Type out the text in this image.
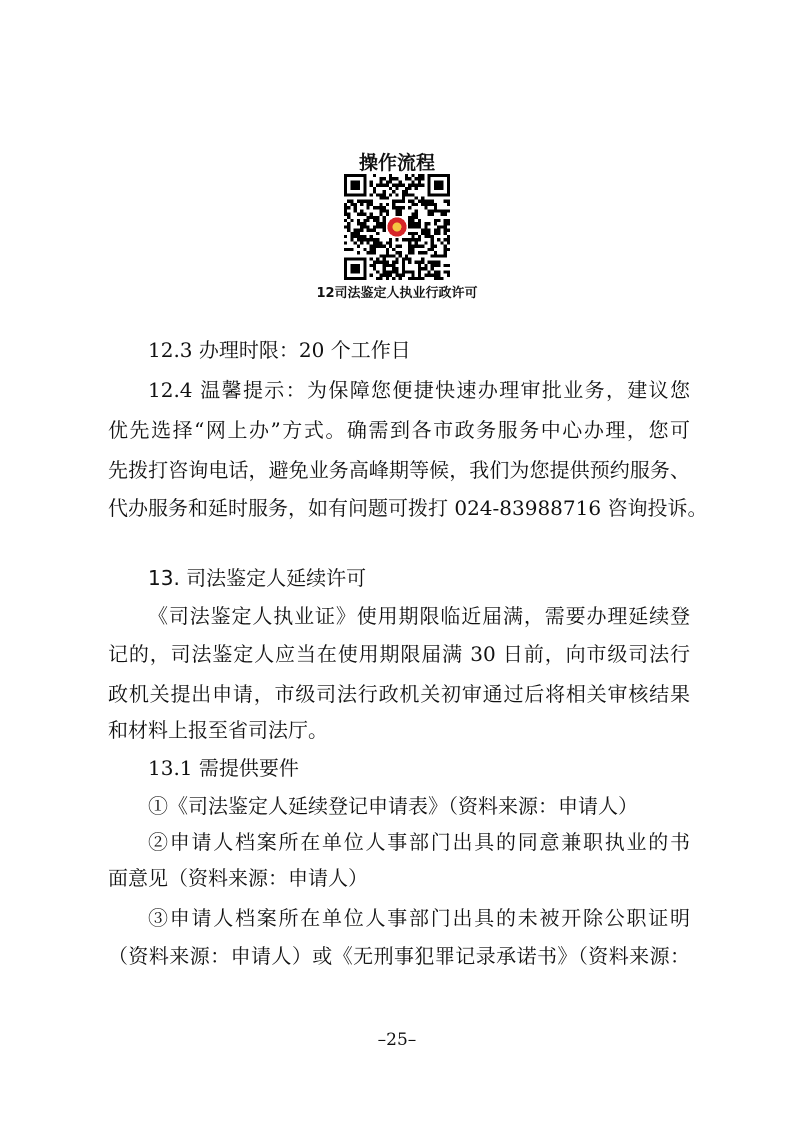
操作流程
12司法鉴定人执业行政许可
12.3 办理时限：20 个工作日
12.4 温馨提示：为保障您便捷快速办理审批业务，建议您
优先选择“网上办”方式。确需到各市政务服务中心办理，您可
先拨打咨询电话，避免业务高峰期等候，我们为您提供预约服务、
代办服务和延时服务，如有问题可拨打 024-83988716 咨询投诉。
13. 司法鉴定人延续许可
《司法鉴定人执业证》使用期限临近届满，需要办理延续登
记的，司法鉴定人应当在使用期限届满 30 日前，向市级司法行
政机关提出申请，市级司法行政机关初审通过后将相关审核结果
和材料上报至省司法厅。
13.1 需提供要件
①《司法鉴定人延续登记申请表》（资料来源：申请人）
②申请人档案所在单位人事部门出具的同意兼职执业的书
面意见（资料来源：申请人）
③申请人档案所在单位人事部门出具的未被开除公职证明
（资料来源：申请人）或《无刑事犯罪记录承诺书》（资料来源：
–25–
